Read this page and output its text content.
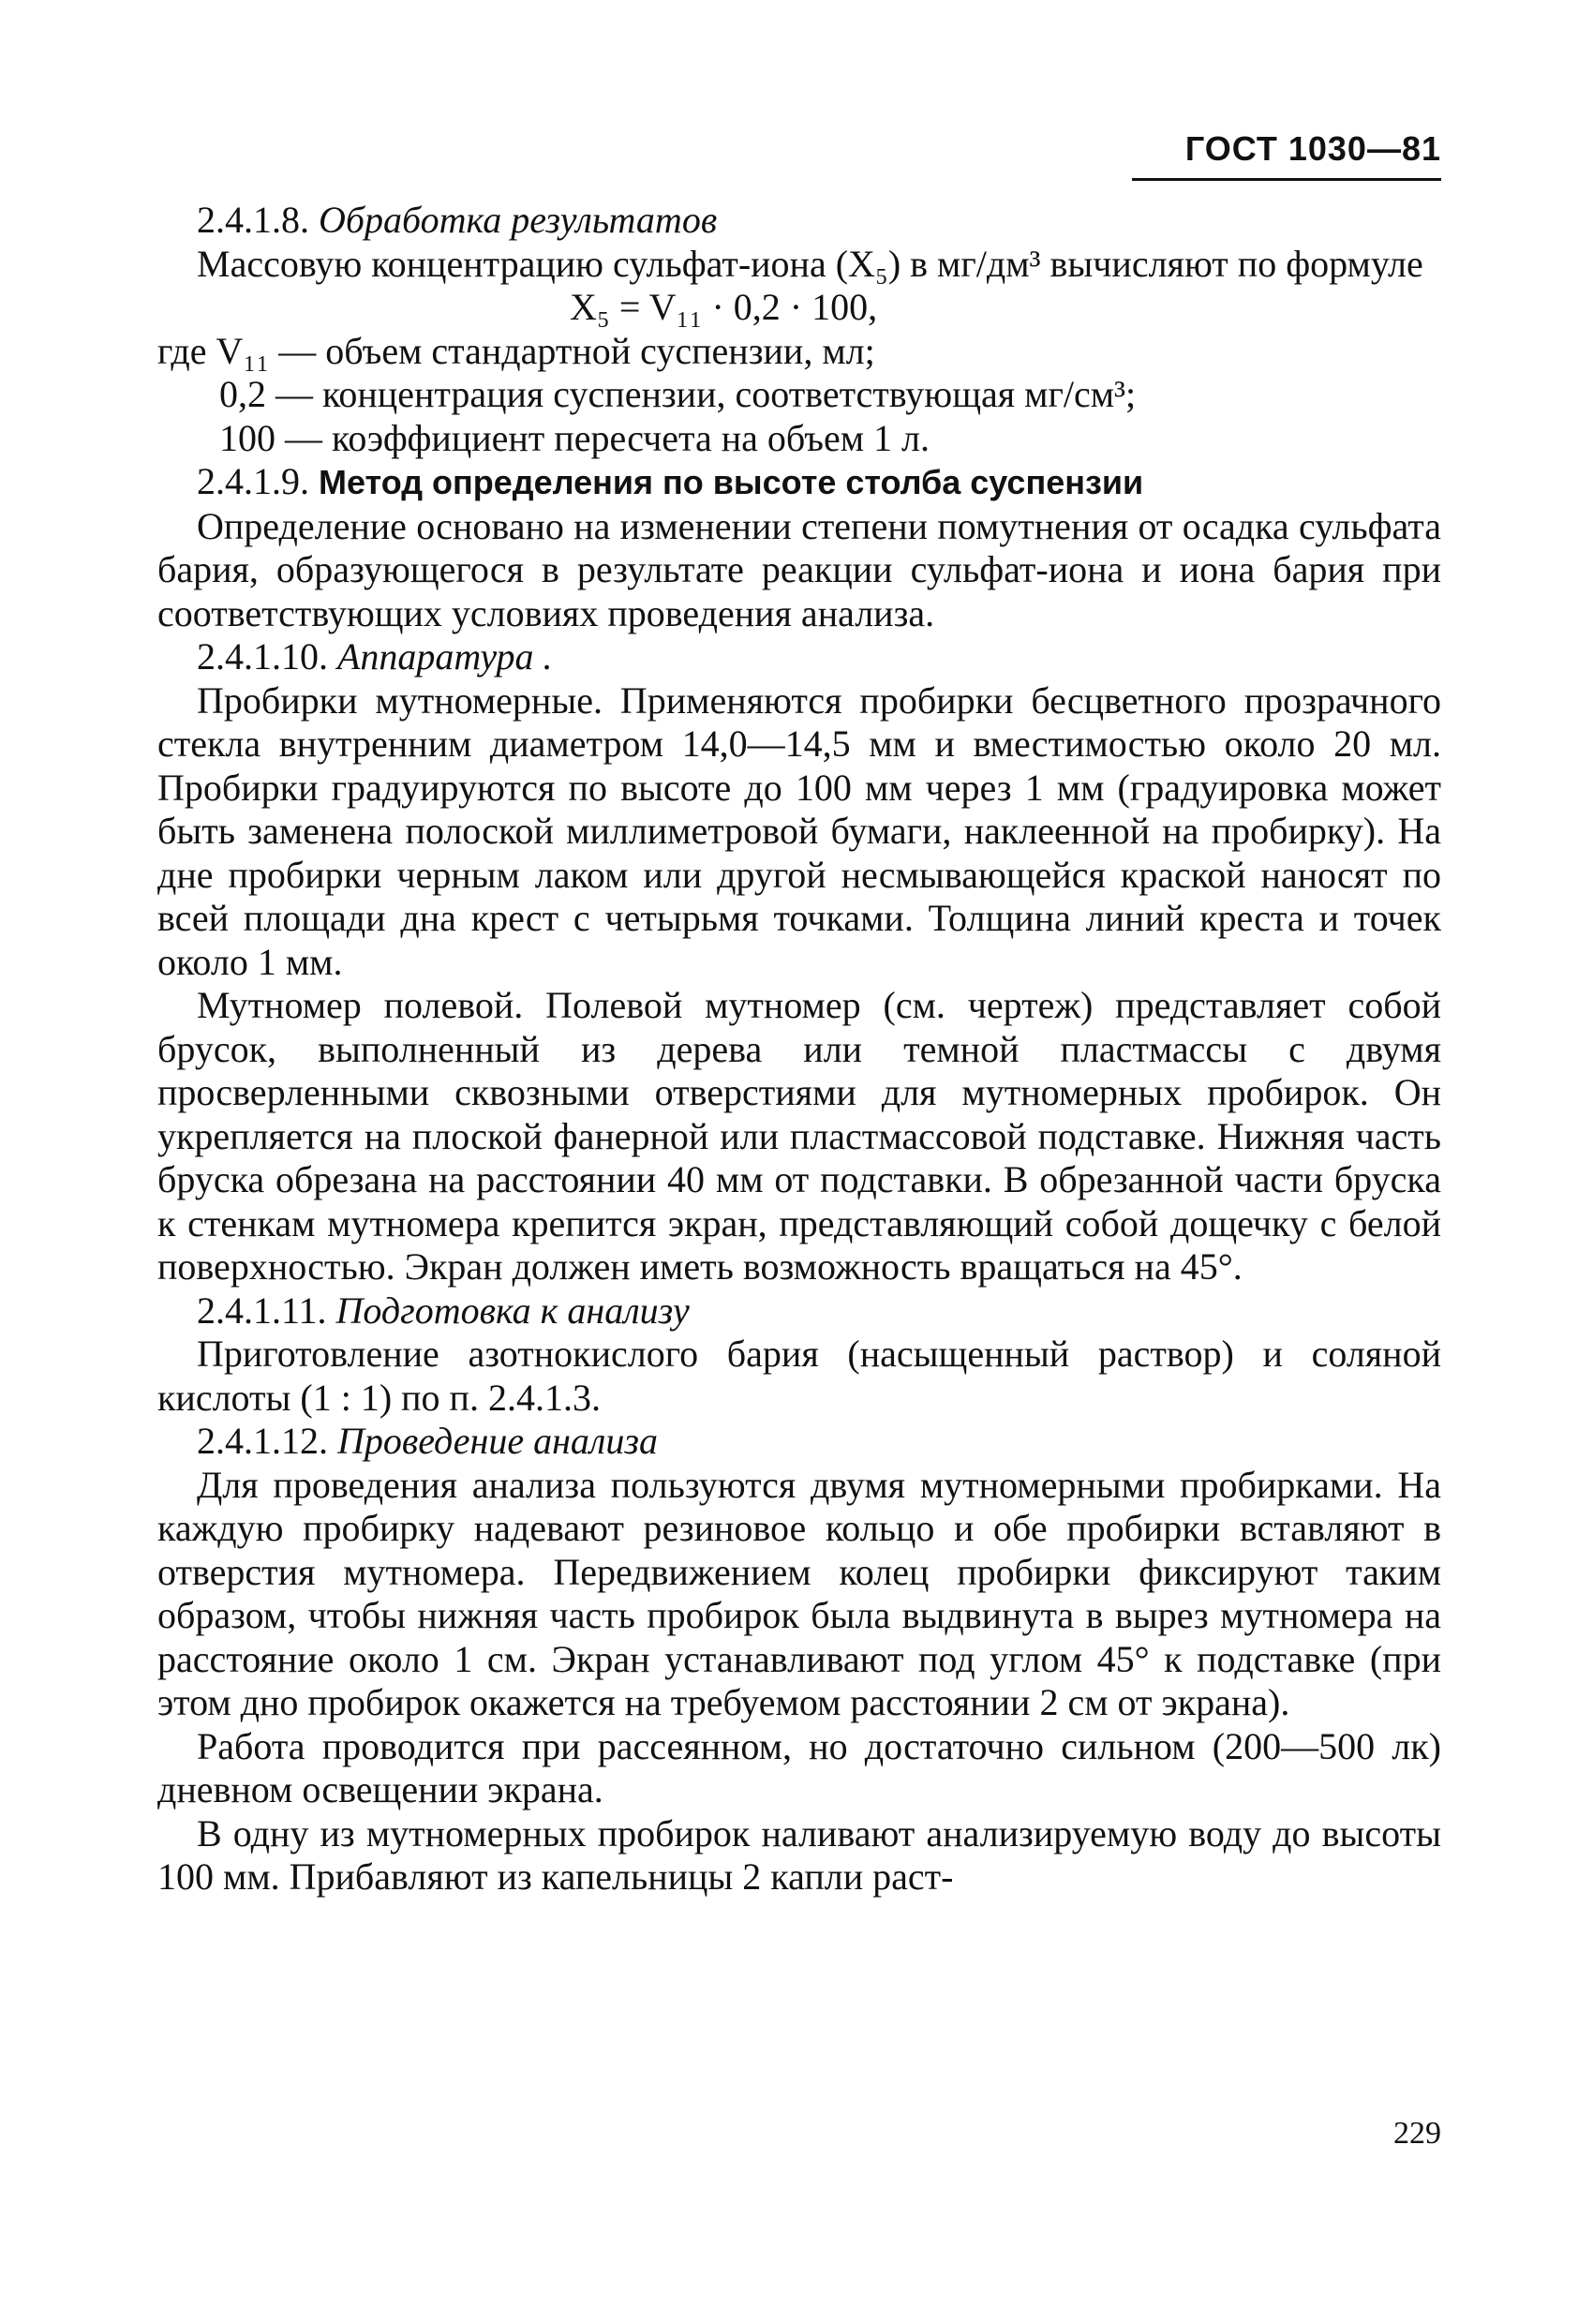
ГОСТ 1030—81

2.4.1.8. Обработка результатов

Массовую концентрацию сульфат-иона (X₅) в мг/дм³ вычисляют по формуле

X₅ = V₁₁ · 0,2 · 100,

где V₁₁ — объем стандартной суспензии, мл;

0,2 — концентрация суспензии, соответствующая мг/см³;

100 — коэффициент пересчета на объем 1 л.

2.4.1.9. Метод определения по высоте столба суспензии

Определение основано на изменении степени помутнения от осадка сульфата бария, образующегося в результате реакции сульфат-иона и иона бария при соответствующих условиях проведения анализа.

2.4.1.10. Аппаратура .

Пробирки мутномерные. Применяются пробирки бесцветного прозрачного стекла внутренним диаметром 14,0—14,5 мм и вместимостью около 20 мл. Пробирки градуируются по высоте до 100 мм через 1 мм (градуировка может быть заменена полоской миллиметровой бумаги, наклеенной на пробирку). На дне пробирки черным лаком или другой несмывающейся краской наносят по всей площади дна крест с четырьмя точками. Толщина линий креста и точек около 1 мм.

Мутномер полевой. Полевой мутномер (см. чертеж) представляет собой брусок, выполненный из дерева или темной пластмассы с двумя просверленными сквозными отверстиями для мутномерных пробирок. Он укрепляется на плоской фанерной или пластмассовой подставке. Нижняя часть бруска обрезана на расстоянии 40 мм от подставки. В обрезанной части бруска к стенкам мутномера крепится экран, представляющий собой дощечку с белой поверхностью. Экран должен иметь возможность вращаться на 45°.

2.4.1.11. Подготовка к анализу

Приготовление азотнокислого бария (насыщенный раствор) и соляной кислоты (1 : 1) по п. 2.4.1.3.

2.4.1.12. Проведение анализа

Для проведения анализа пользуются двумя мутномерными пробирками. На каждую пробирку надевают резиновое кольцо и обе пробирки вставляют в отверстия мутномера. Передвижением колец пробирки фиксируют таким образом, чтобы нижняя часть пробирок была выдвинута в вырез мутномера на расстояние около 1 см. Экран устанавливают под углом 45° к подставке (при этом дно пробирок окажется на требуемом расстоянии 2 см от экрана).

Работа проводится при рассеянном, но достаточно сильном (200—500 лк) дневном освещении экрана.

В одну из мутномерных пробирок наливают анализируемую воду до высоты 100 мм. Прибавляют из капельницы 2 капли раст-

229
